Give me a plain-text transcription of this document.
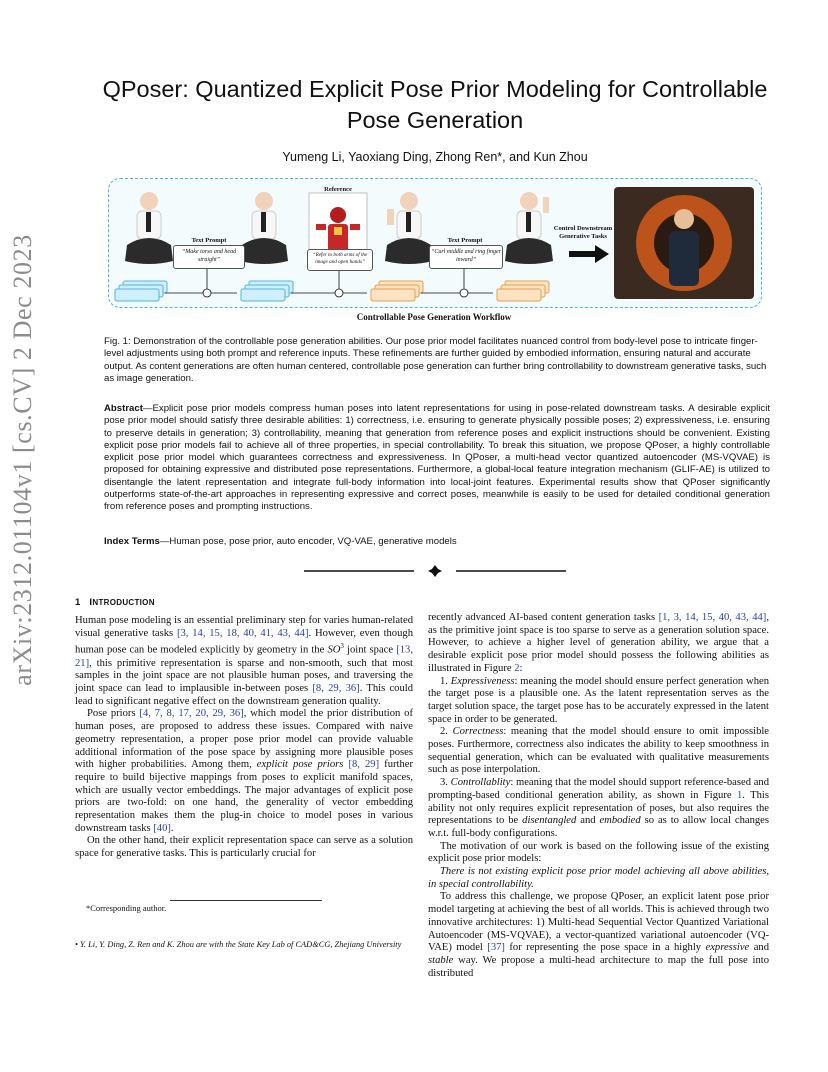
arXiv:2312.01104v1 [cs.CV] 2 Dec 2023
QPoser: Quantized Explicit Pose Prior Modeling for Controllable
Pose Generation
Yumeng Li, Yaoxiang Ding, Zhong Ren*, and Kun Zhou
Reference
Text Prompt
“Make torso and head straight”
“Refer to both arms of the image and open hands”
Text Prompt
“Curl middle and ring finger inward”
Control Downstream Generative Tasks
Controllable Pose Generation Workflow
Fig. 1: Demonstration of the controllable pose generation abilities. Our pose prior model facilitates nuanced control from body-level pose to intricate finger-level adjustments using both prompt and reference inputs. These refinements are further guided by embodied information, ensuring natural and accurate output. As content generations are often human centered, controllable pose generation can further bring controllability to downstream generative tasks, such as image generation.
Abstract—Explicit pose prior models compress human poses into latent representations for using in pose-related downstream tasks. A desirable explicit pose prior model should satisfy three desirable abilities: 1) correctness, i.e. ensuring to generate physically possible poses; 2) expressiveness, i.e. ensuring to preserve details in generation; 3) controllability, meaning that generation from reference poses and explicit instructions should be convenient. Existing explicit pose prior models fail to achieve all of three properties, in special controllability. To break this situation, we propose QPoser, a highly controllable explicit pose prior model which guarantees correctness and expressiveness. In QPoser, a multi-head vector quantized autoencoder (MS-VQVAE) is proposed for obtaining expressive and distributed pose representations. Furthermore, a global-local feature integration mechanism (GLIF-AE) is utilized to disentangle the latent representation and integrate full-body information into local-joint features. Experimental results show that QPoser significantly outperforms state-of-the-art approaches in representing expressive and correct poses, meanwhile is easily to be used for detailed conditional generation from reference poses and prompting instructions.
Index Terms—Human pose, pose prior, auto encoder, VQ-VAE, generative models
1 INTRODUCTION

Human pose modeling is an essential preliminary step for varies human-related visual generative tasks [3, 14, 15, 18, 40, 41, 43, 44]. However, even though human pose can be modeled explicitly by geometry in the $SO^3$ joint space [13, 21], this primitive representation is sparse and non-smooth, such that most samples in the joint space are not plausible human poses, and traversing the joint space can lead to implausible in-between poses [8, 29, 36]. This could lead to significant negative effect on the downstream generation quality.

Pose priors [4, 7, 8, 17, 20, 29, 36], which model the prior distribution of human poses, are proposed to address these issues. Compared with naive geometry representation, a proper pose prior model can provide valuable additional information of the pose space by assigning more plausible poses with higher probabilities. Among them, explicit pose priors [8, 29] further require to build bijective mappings from poses to explicit manifold spaces, which are usually vector embeddings. The major advantages of explicit pose priors are two-fold: on one hand, the generality of vector embedding representation makes them the plug-in choice to model poses in various downstream tasks [40].

On the other hand, their explicit representation space can serve as a solution space for generative tasks. This is particularly crucial for

recently advanced AI-based content generation tasks [1, 3, 14, 15, 40, 43, 44], as the primitive joint space is too sparse to serve as a generation solution space. However, to achieve a higher level of generation ability, we argue that a desirable explicit pose prior model should possess the following abilities as illustrated in Figure 2:

1. Expressiveness: meaning the model should ensure perfect generation when the target pose is a plausible one. As the latent representation serves as the target solution space, the target pose has to be accurately expressed in the latent space in order to be generated.

2. Correctness: meaning that the model should ensure to omit impossible poses. Furthermore, correctness also indicates the ability to keep smoothness in sequential generation, which can be evaluated with qualitative measurements such as pose interpolation.

3. Controllablity: meaning that the model should support reference-based and prompting-based conditional generation ability, as shown in Figure 1. This ability not only requires explicit representation of poses, but also requires the representations to be disentangled and embodied so as to allow local changes w.r.t. full-body configurations.

The motivation of our work is based on the following issue of the existing explicit pose prior models:

There is not existing explicit pose prior model achieving all above abilities, in special controllability.

To address this challenge, we propose QPoser, an explicit latent pose prior model targeting at achieving the best of all worlds. This is achieved through two innovative architectures: 1) Multi-head Sequential Vector Quantized Variational Autoencoder (MS-VQVAE), a vector-quantized variational autoencoder (VQ-VAE) model [37] for representing the pose space in a highly expressive and stable way. We propose a multi-head architecture to map the full pose into distributed

*Corresponding author.
• Y. Li, Y. Ding, Z. Ren and K. Zhou are with the State Key Lab of CAD&CG, Zhejiang University
